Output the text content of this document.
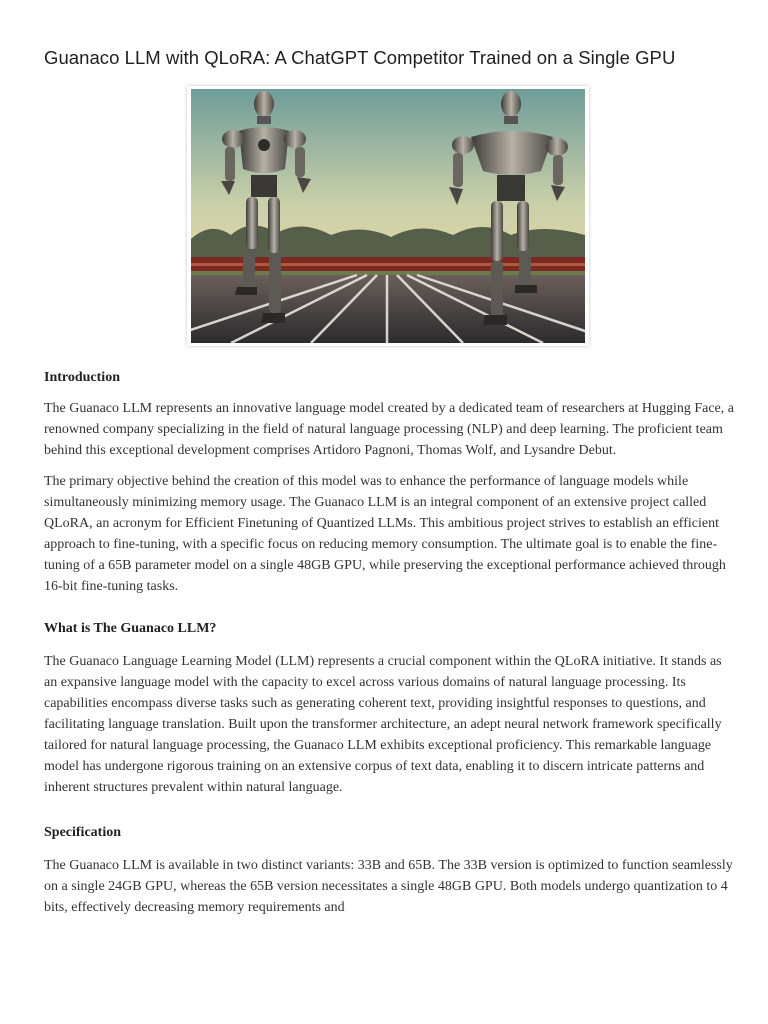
Guanaco LLM with QLoRA: A ChatGPT Competitor Trained on a Single GPU
Introduction

The Guanaco LLM represents an innovative language model created by a dedicated team of researchers at Hugging Face, a renowned company specializing in the field of natural language processing (NLP) and deep learning. The proficient team behind this exceptional development comprises Artidoro Pagnoni, Thomas Wolf, and Lysandre Debut.

The primary objective behind the creation of this model was to enhance the performance of language models while simultaneously minimizing memory usage. The Guanaco LLM is an integral component of an extensive project called QLoRA, an acronym for Efficient Finetuning of Quantized LLMs. This ambitious project strives to establish an efficient approach to fine-tuning, with a specific focus on reducing memory consumption. The ultimate goal is to enable the fine-tuning of a 65B parameter model on a single 48GB GPU, while preserving the exceptional performance achieved through 16-bit fine-tuning tasks.

What is The Guanaco LLM?

The Guanaco Language Learning Model (LLM) represents a crucial component within the QLoRA initiative. It stands as an expansive language model with the capacity to excel across various domains of natural language processing. Its capabilities encompass diverse tasks such as generating coherent text, providing insightful responses to questions, and facilitating language translation. Built upon the transformer architecture, an adept neural network framework specifically tailored for natural language processing, the Guanaco LLM exhibits exceptional proficiency. This remarkable language model has undergone rigorous training on an extensive corpus of text data, enabling it to discern intricate patterns and inherent structures prevalent within natural language.

Specification

The Guanaco LLM is available in two distinct variants: 33B and 65B. The 33B version is optimized to function seamlessly on a single 24GB GPU, whereas the 65B version necessitates a single 48GB GPU. Both models undergo quantization to 4 bits, effectively decreasing memory requirements and
